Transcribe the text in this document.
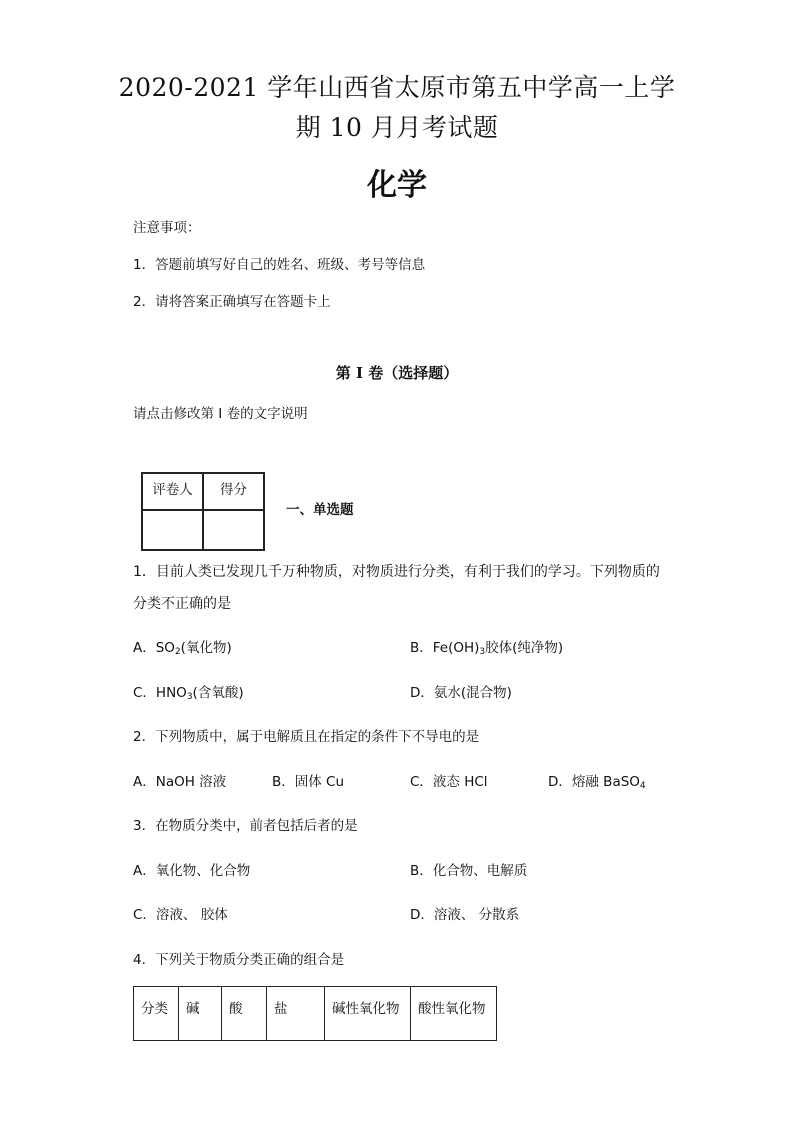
2020-2021 学年山西省太原市第五中学高一上学
期 10 月月考试题
化学
注意事项：
1．答题前填写好自己的姓名、班级、考号等信息
2．请将答案正确填写在答题卡上
第 I 卷（选择题）
请点击修改第 I 卷的文字说明
评卷人	得分

一、单选题
1．目前人类已发现几千万种物质，对物质进行分类，有利于我们的学习。下列物质的
分类不正确的是
A．$SO_2$(氧化物)	B．$Fe(OH)_3$胶体(纯净物)
C．$HNO_3$(含氧酸)	D．氨水(混合物)
2．下列物质中，属于电解质且在指定的条件下不导电的是
A．NaOH 溶液	B．固体 Cu	C．液态 HCl	D．熔融 BaSO$_4$
3．在物质分类中，前者包括后者的是
A．氧化物、化合物	B．化合物、电解质
C．溶液、 胶体	D．溶液、 分散系
4．下列关于物质分类正确的组合是
分类	碱	酸	盐	碱性氧化物	酸性氧化物
